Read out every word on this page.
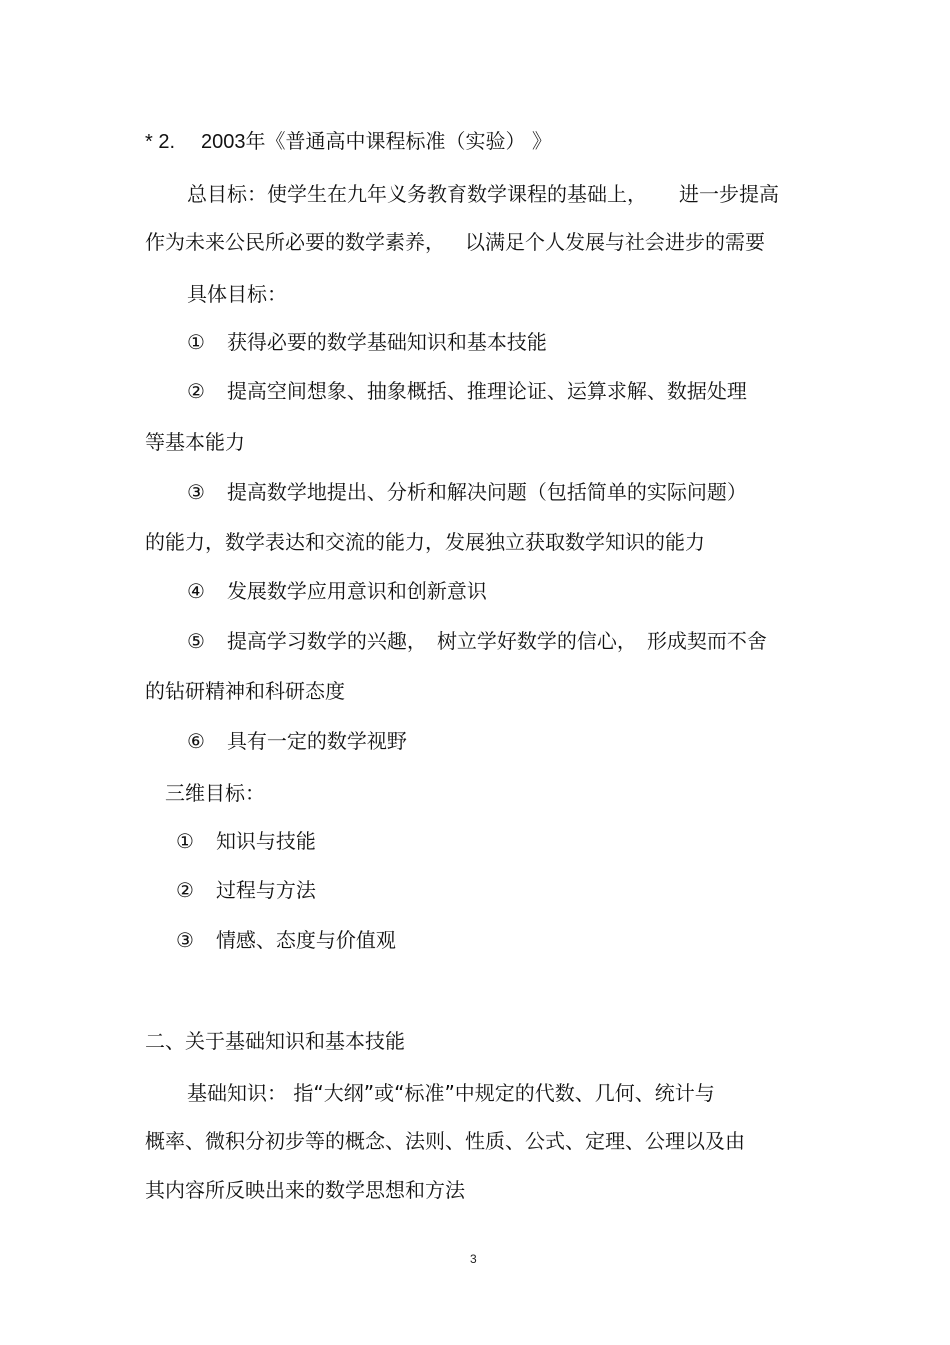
* 2. 2003年《普通高中课程标准（实验） 》
总目标：使学生在九年义务教育数学课程的基础上， 进一步提高
作为未来公民所必要的数学素养， 以满足个人发展与社会进步的需要
具体目标：
① 获得必要的数学基础知识和基本技能
② 提高空间想象、抽象概括、推理论证、运算求解、数据处理
等基本能力
③ 提高数学地提出、分析和解决问题（包括简单的实际问题）
的能力，数学表达和交流的能力，发展独立获取数学知识的能力
④ 发展数学应用意识和创新意识
⑤ 提高学习数学的兴趣， 树立学好数学的信心， 形成契而不舍
的钻研精神和科研态度
⑥ 具有一定的数学视野
三维目标：
① 知识与技能
② 过程与方法
③ 情感、态度与价值观
二、关于基础知识和基本技能
基础知识： 指“大纲”或“标准”中规定的代数、几何、统计与
概率、微积分初步等的概念、法则、性质、公式、定理、公理以及由
其内容所反映出来的数学思想和方法
3
